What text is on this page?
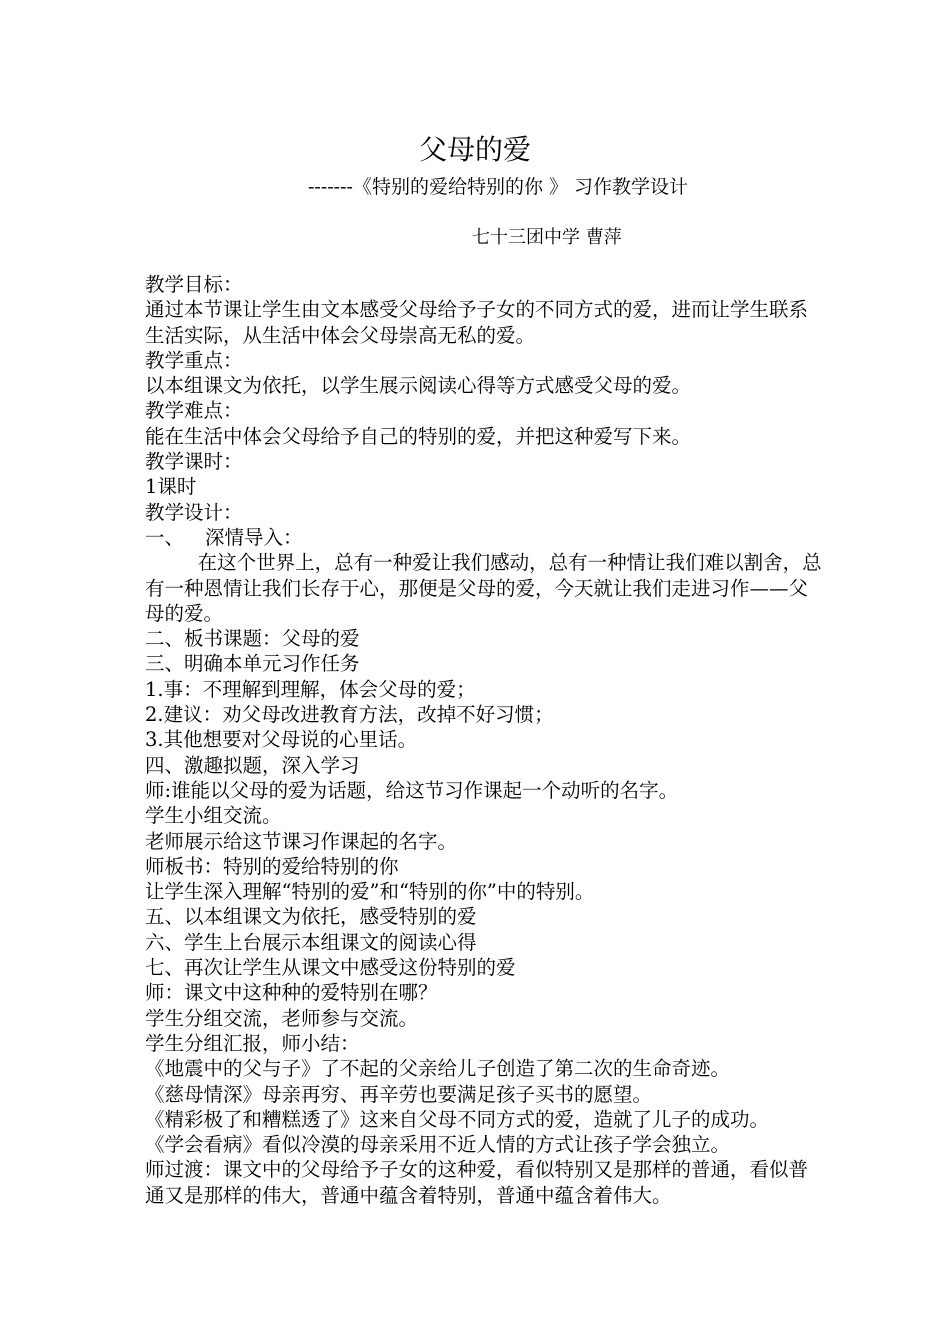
父母的爱
-------《特别的爱给特别的你 》 习作教学设计
七十三团中学 曹萍

教学目标：

通过本节课让学生由文本感受父母给予子女的不同方式的爱，进而让学生联系生活实际，从生活中体会父母崇高无私的爱。

教学重点：

以本组课文为依托，以学生展示阅读心得等方式感受父母的爱。

教学难点：

能在生活中体会父母给予自己的特别的爱，并把这种爱写下来。

教学课时：

1课时

教学设计：

一、 深情导入：

在这个世界上，总有一种爱让我们感动，总有一种情让我们难以割舍，总有一种恩情让我们长存于心，那便是父母的爱，今天就让我们走进习作——父母的爱。

二、板书课题：父母的爱

三、明确本单元习作任务

1.事：不理解到理解，体会父母的爱；

2.建议：劝父母改进教育方法，改掉不好习惯；

3.其他想要对父母说的心里话。

四、激趣拟题，深入学习

师:谁能以父母的爱为话题，给这节习作课起一个动听的名字。

学生小组交流。

老师展示给这节课习作课起的名字。

师板书：特别的爱给特别的你

让学生深入理解“特别的爱”和“特别的你”中的特别。

五、以本组课文为依托，感受特别的爱

六、学生上台展示本组课文的阅读心得

七、再次让学生从课文中感受这份特别的爱

师：课文中这种种的爱特别在哪？

学生分组交流，老师参与交流。

学生分组汇报，师小结：

《地震中的父与子》了不起的父亲给儿子创造了第二次的生命奇迹。

《慈母情深》母亲再穷、再辛劳也要满足孩子买书的愿望。

《精彩极了和糟糕透了》这来自父母不同方式的爱，造就了儿子的成功。

《学会看病》看似冷漠的母亲采用不近人情的方式让孩子学会独立。

师过渡：课文中的父母给予子女的这种爱，看似特别又是那样的普通，看似普通又是那样的伟大，普通中蕴含着特别，普通中蕴含着伟大。
